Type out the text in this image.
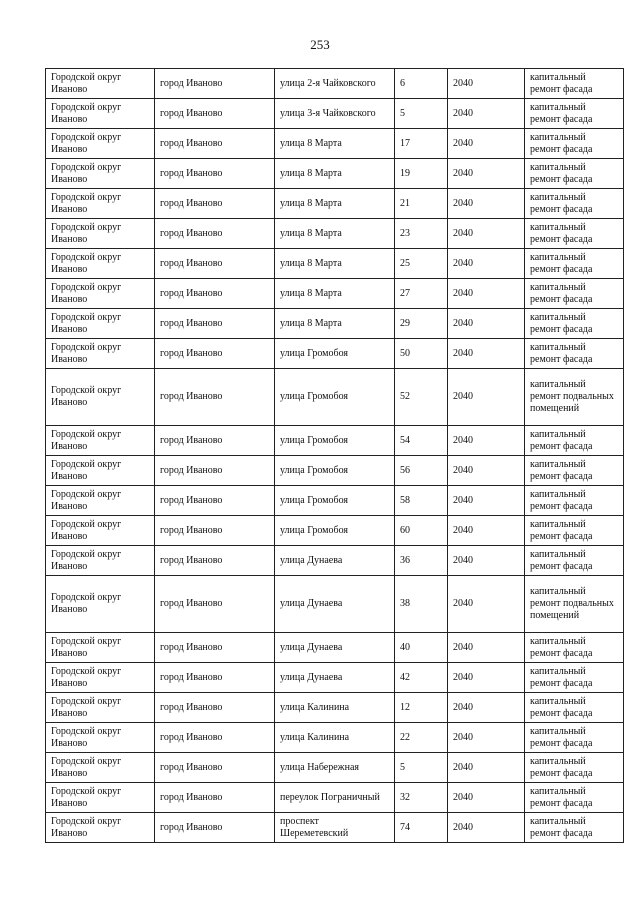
253
Городской округ Иваново	город Иваново	улица 2-я Чайковского	6	2040	капитальный ремонт фасада
Городской округ Иваново	город Иваново	улица 3-я Чайковского	5	2040	капитальный ремонт фасада
Городской округ Иваново	город Иваново	улица 8 Марта	17	2040	капитальный ремонт фасада
Городской округ Иваново	город Иваново	улица 8 Марта	19	2040	капитальный ремонт фасада
Городской округ Иваново	город Иваново	улица 8 Марта	21	2040	капитальный ремонт фасада
Городской округ Иваново	город Иваново	улица 8 Марта	23	2040	капитальный ремонт фасада
Городской округ Иваново	город Иваново	улица 8 Марта	25	2040	капитальный ремонт фасада
Городской округ Иваново	город Иваново	улица 8 Марта	27	2040	капитальный ремонт фасада
Городской округ Иваново	город Иваново	улица 8 Марта	29	2040	капитальный ремонт фасада
Городской округ Иваново	город Иваново	улица Громобоя	50	2040	капитальный ремонт фасада
Городской округ Иваново	город Иваново	улица Громобоя	52	2040	капитальный ремонт подвальных помещений
Городской округ Иваново	город Иваново	улица Громобоя	54	2040	капитальный ремонт фасада
Городской округ Иваново	город Иваново	улица Громобоя	56	2040	капитальный ремонт фасада
Городской округ Иваново	город Иваново	улица Громобоя	58	2040	капитальный ремонт фасада
Городской округ Иваново	город Иваново	улица Громобоя	60	2040	капитальный ремонт фасада
Городской округ Иваново	город Иваново	улица Дунаева	36	2040	капитальный ремонт фасада
Городской округ Иваново	город Иваново	улица Дунаева	38	2040	капитальный ремонт подвальных помещений
Городской округ Иваново	город Иваново	улица Дунаева	40	2040	капитальный ремонт фасада
Городской округ Иваново	город Иваново	улица Дунаева	42	2040	капитальный ремонт фасада
Городской округ Иваново	город Иваново	улица Калинина	12	2040	капитальный ремонт фасада
Городской округ Иваново	город Иваново	улица Калинина	22	2040	капитальный ремонт фасада
Городской округ Иваново	город Иваново	улица Набережная	5	2040	капитальный ремонт фасада
Городской округ Иваново	город Иваново	переулок Пограничный	32	2040	капитальный ремонт фасада
Городской округ Иваново	город Иваново	проспект Шереметевский	74	2040	капитальный ремонт фасада
